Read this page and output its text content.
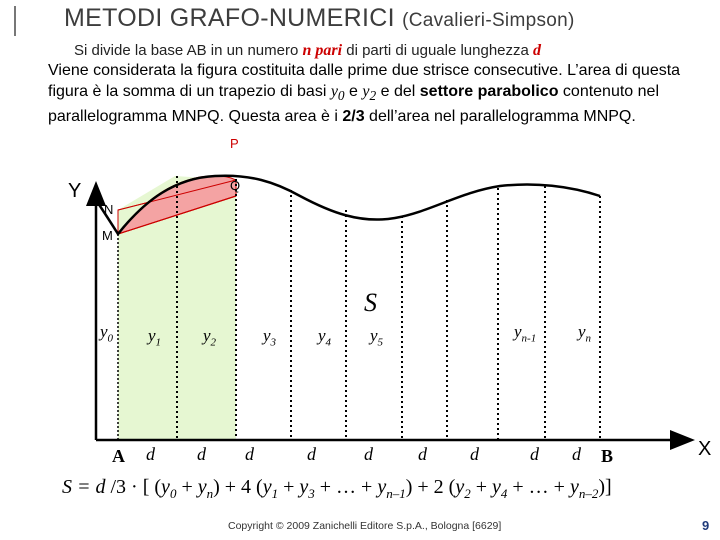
METODI GRAFO-NUMERICI (Cavalieri-Simpson)
Si divide la base AB in un numero n pari di parti di uguale lunghezza d
Viene considerata la figura costituita dalle prime due strisce consecutive. L’area di questa figura è la somma di un trapezio di basi $y_0$ e $y_2$ e del settore parabolico contenuto nel parallelogramma MNPQ. Questa area è i 2/3 dell’area nel parallelogramma MNPQ.
P
Y	Q
N
M
S
$y_0$ $y_1$ $y_2$	$y_3$ $y_4$ $y_5$
$y_{n-1}$ $y_n$
A d d d	d	d	d d	d d B	X
S = d /3 · [ $(y_0 + y_n) + 4$ ($y_1 + y_3$ + … + $y_{n-1}) + 2$ ($y_2 + y_4$ + … + $y_{n-2}$)]
Copyright © 2009 Zanichelli Editore S.p.A., Bologna [6629]	9
